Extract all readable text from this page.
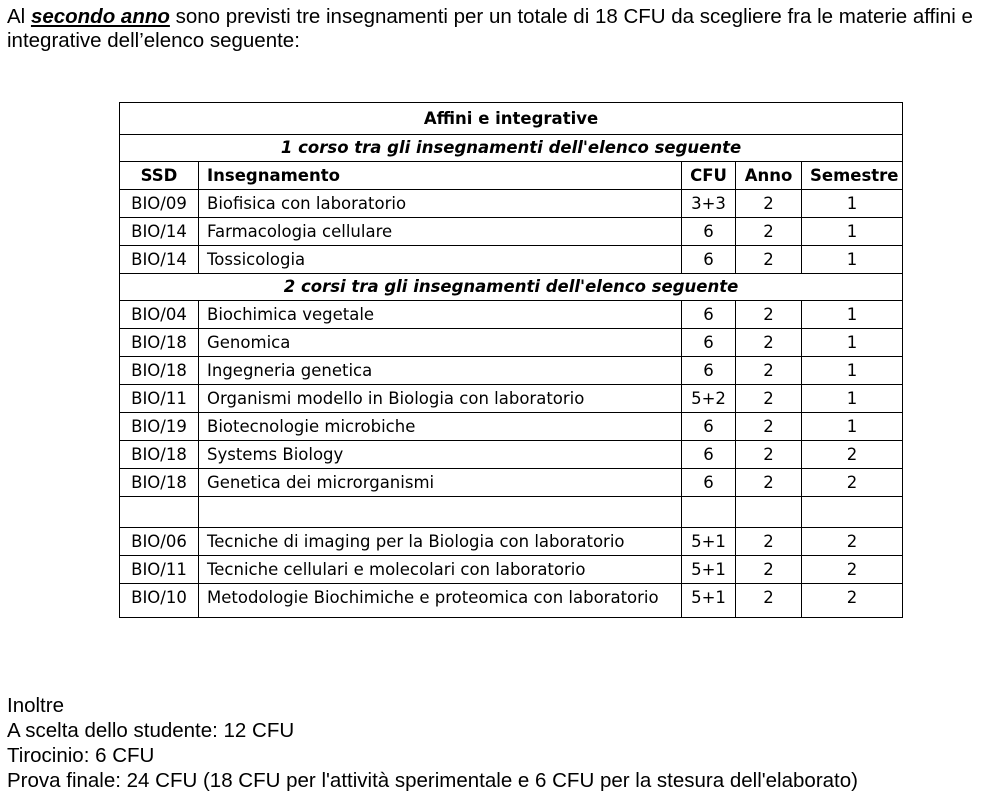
Al secondo anno sono previsti tre insegnamenti per un totale di 18 CFU da scegliere fra le materie affini e integrative dell’elenco seguente:

Affini e integrative				
1 corso tra gli insegnamenti dell'elenco seguente				
SSD	Insegnamento	CFU	Anno	Semestre
BIO/09	Biofisica con laboratorio	3+3	2	1
BIO/14	Farmacologia cellulare	6	2	1
BIO/14	Tossicologia	6	2	1
2 corsi tra gli insegnamenti dell'elenco seguente				
BIO/04	Biochimica vegetale	6	2	1
BIO/18	Genomica	6	2	1
BIO/18	Ingegneria genetica	6	2	1
BIO/11	Organismi modello in Biologia con laboratorio	5+2	2	1
BIO/19	Biotecnologie microbiche	6	2	1
BIO/18	Systems Biology	6	2	2
BIO/18	Genetica dei microrganismi	6	2	2

BIO/06	Tecniche di imaging per la Biologia con laboratorio	5+1	2	2
BIO/11	Tecniche cellulari e molecolari con laboratorio	5+1	2	2
BIO/10	Metodologie Biochimiche e proteomica con laboratorio	5+1	2	2
Inoltre
A scelta dello studente: 12 CFU
Tirocinio: 6 CFU
Prova finale: 24 CFU (18 CFU per l'attività sperimentale e 6 CFU per la stesura dell'elaborato)
